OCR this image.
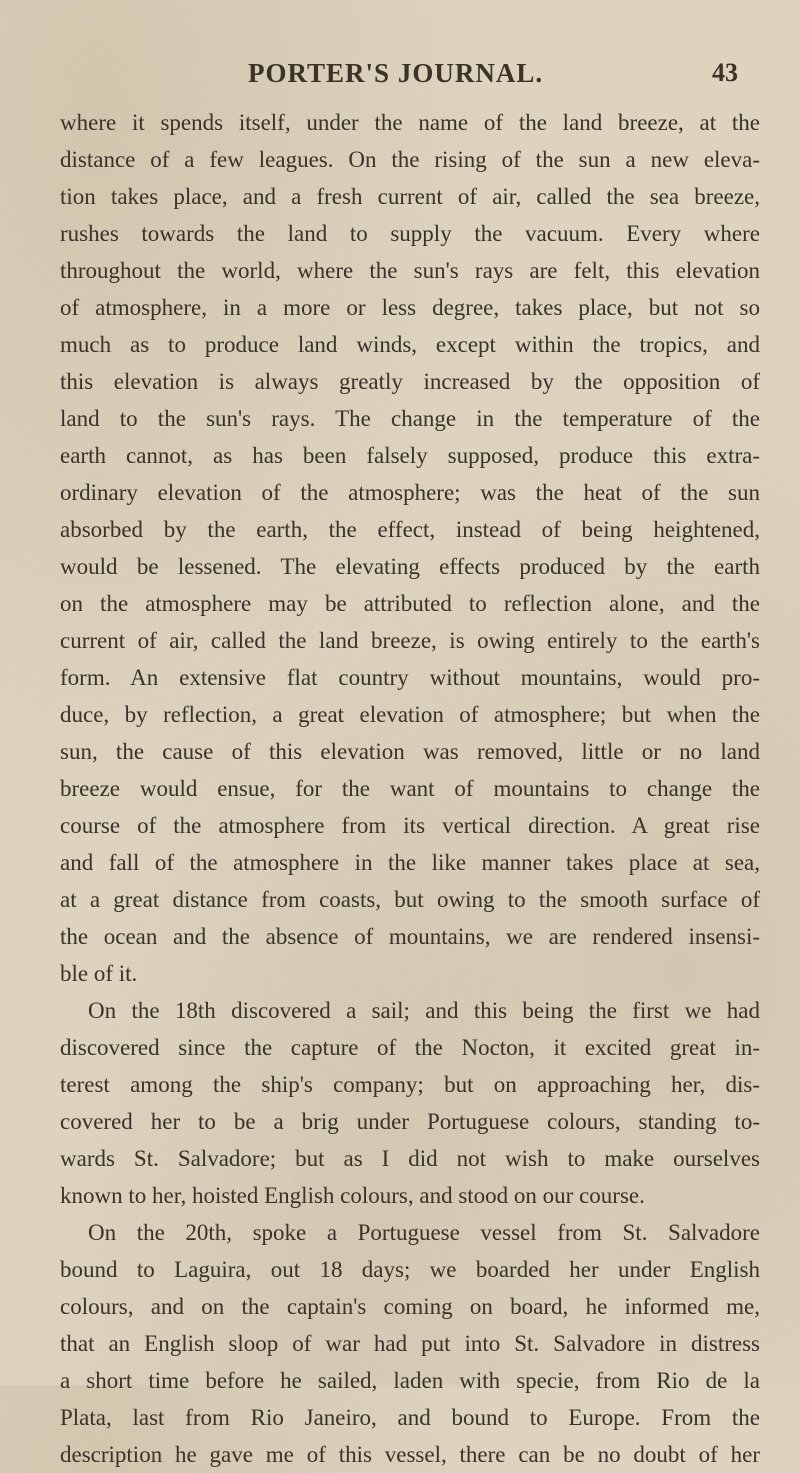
PORTER'S JOURNAL.	43
where it spends itself, under the name of the land breeze, at the
distance of a few leagues. On the rising of the sun a new eleva-
tion takes place, and a fresh current of air, called the sea breeze,
rushes towards the land to supply the vacuum. Every where
throughout the world, where the sun's rays are felt, this elevation
of atmosphere, in a more or less degree, takes place, but not so
much as to produce land winds, except within the tropics, and
this elevation is always greatly increased by the opposition of
land to the sun's rays. The change in the temperature of the
earth cannot, as has been falsely supposed, produce this extra-
ordinary elevation of the atmosphere; was the heat of the sun
absorbed by the earth, the effect, instead of being heightened,
would be lessened. The elevating effects produced by the earth
on the atmosphere may be attributed to reflection alone, and the
current of air, called the land breeze, is owing entirely to the earth's
form. An extensive flat country without mountains, would pro-
duce, by reflection, a great elevation of atmosphere; but when the
sun, the cause of this elevation was removed, little or no land
breeze would ensue, for the want of mountains to change the
course of the atmosphere from its vertical direction. A great rise
and fall of the atmosphere in the like manner takes place at sea,
at a great distance from coasts, but owing to the smooth surface of
the ocean and the absence of mountains, we are rendered insensi-
ble of it.
On the 18th discovered a sail; and this being the first we had
discovered since the capture of the Nocton, it excited great in-
terest among the ship's company; but on approaching her, dis-
covered her to be a brig under Portuguese colours, standing to-
wards St. Salvadore; but as I did not wish to make ourselves
known to her, hoisted English colours, and stood on our course.
On the 20th, spoke a Portuguese vessel from St. Salvadore
bound to Laguira, out 18 days; we boarded her under English
colours, and on the captain's coming on board, he informed me,
that an English sloop of war had put into St. Salvadore in distress
a short time before he sailed, laden with specie, from Rio de la
Plata, last from Rio Janeiro, and bound to Europe. From the
description he gave me of this vessel, there can be no doubt of her
